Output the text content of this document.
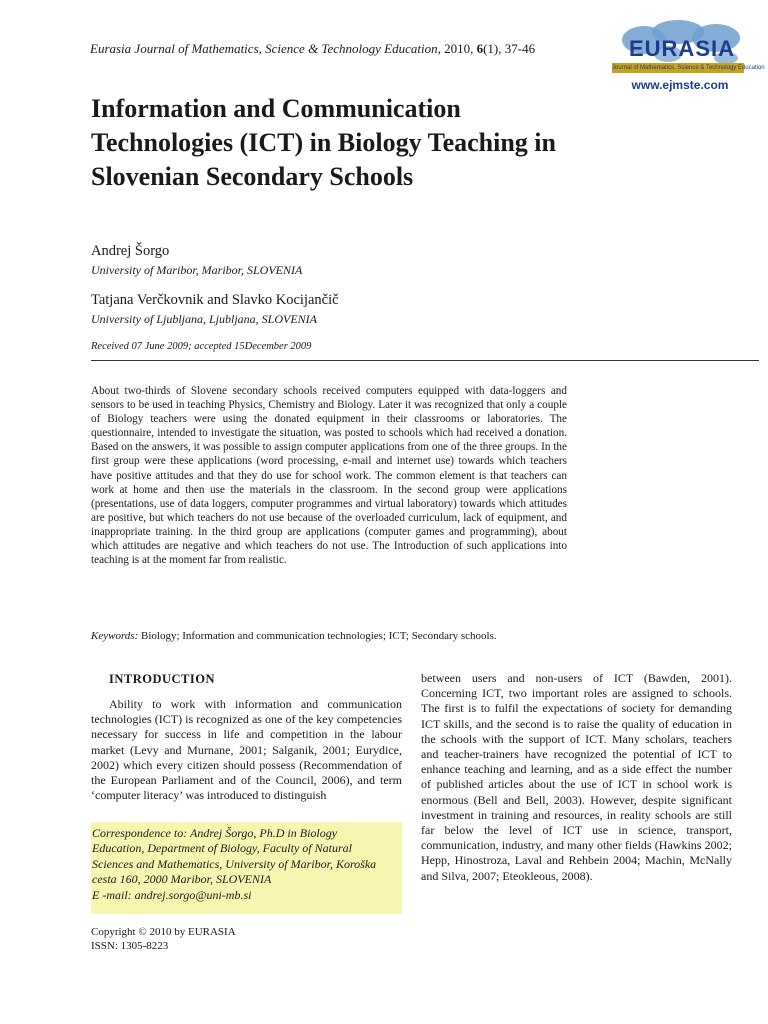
Eurasia Journal of Mathematics, Science & Technology Education, 2010, 6(1), 37-46	EURASIA
Journal of Mathematics, Science & Technology Education
www.ejmste.com
Information and Communication Technologies (ICT) in Biology Teaching in Slovenian Secondary Schools
Andrej Šorgo
University of Maribor, Maribor, SLOVENIA
Tatjana Verčkovnik and Slavko Kocijančič
University of Ljubljana, Ljubljana, SLOVENIA
Received 07 June 2009; accepted 15December 2009

About two-thirds of Slovene secondary schools received computers equipped with data-loggers and sensors to be used in teaching Physics, Chemistry and Biology. Later it was recognized that only a couple of Biology teachers were using the donated equipment in their classrooms or laboratories. The questionnaire, intended to investigate the situation, was posted to schools which had received a donation. Based on the answers, it was possible to assign computer applications from one of the three groups. In the first group were these applications (word processing, e-mail and internet use) towards which teachers have positive attitudes and that they do use for school work. The common element is that teachers can work at home and then use the materials in the classroom. In the second group were applications (presentations, use of data loggers, computer programmes and virtual laboratory) towards which attitudes are positive, but which teachers do not use because of the overloaded curriculum, lack of equipment, and inappropriate training. In the third group are applications (computer games and programming), about which attitudes are negative and which teachers do not use. The Introduction of such applications into teaching is at the moment far from realistic.

Keywords: Biology; Information and communication technologies; ICT; Secondary schools.
INTRODUCTION

Ability to work with information and communication technologies (ICT) is recognized as one of the key competencies necessary for success in life and competition in the labour market (Levy and Murnane, 2001; Salganik, 2001; Eurydice, 2002) which every citizen should possess (Recommendation of the European Parliament and of the Council, 2006), and term ‘computer literacy’ was introduced to distinguish

between users and non-users of ICT (Bawden, 2001). Concerning ICT, two important roles are assigned to schools. The first is to fulfil the expectations of society for demanding ICT skills, and the second is to raise the quality of education in the schools with the support of ICT. Many scholars, teachers and teacher-trainers have recognized the potential of ICT to enhance teaching and learning, and as a side effect the number of published articles about the use of ICT in school work is enormous (Bell and Bell, 2003). However, despite significant investment in training and resources, in reality schools are still far below the level of ICT use in science, transport, communication, industry, and many other fields (Hawkins 2002; Hepp, Hinostroza, Laval and Rehbein 2004; Machin, McNally and Silva, 2007; Eteokleous, 2008).

Correspondence to: Andrej Šorgo, Ph.D in Biology
Education, Department of Biology, Faculty of Natural
Sciences and Mathematics, University of Maribor, Koroška
cesta 160, 2000 Maribor, SLOVENIA
E -mail: andrej.sorgo@uni-mb.si
Copyright © 2010 by EURASIA
ISSN: 1305-8223
